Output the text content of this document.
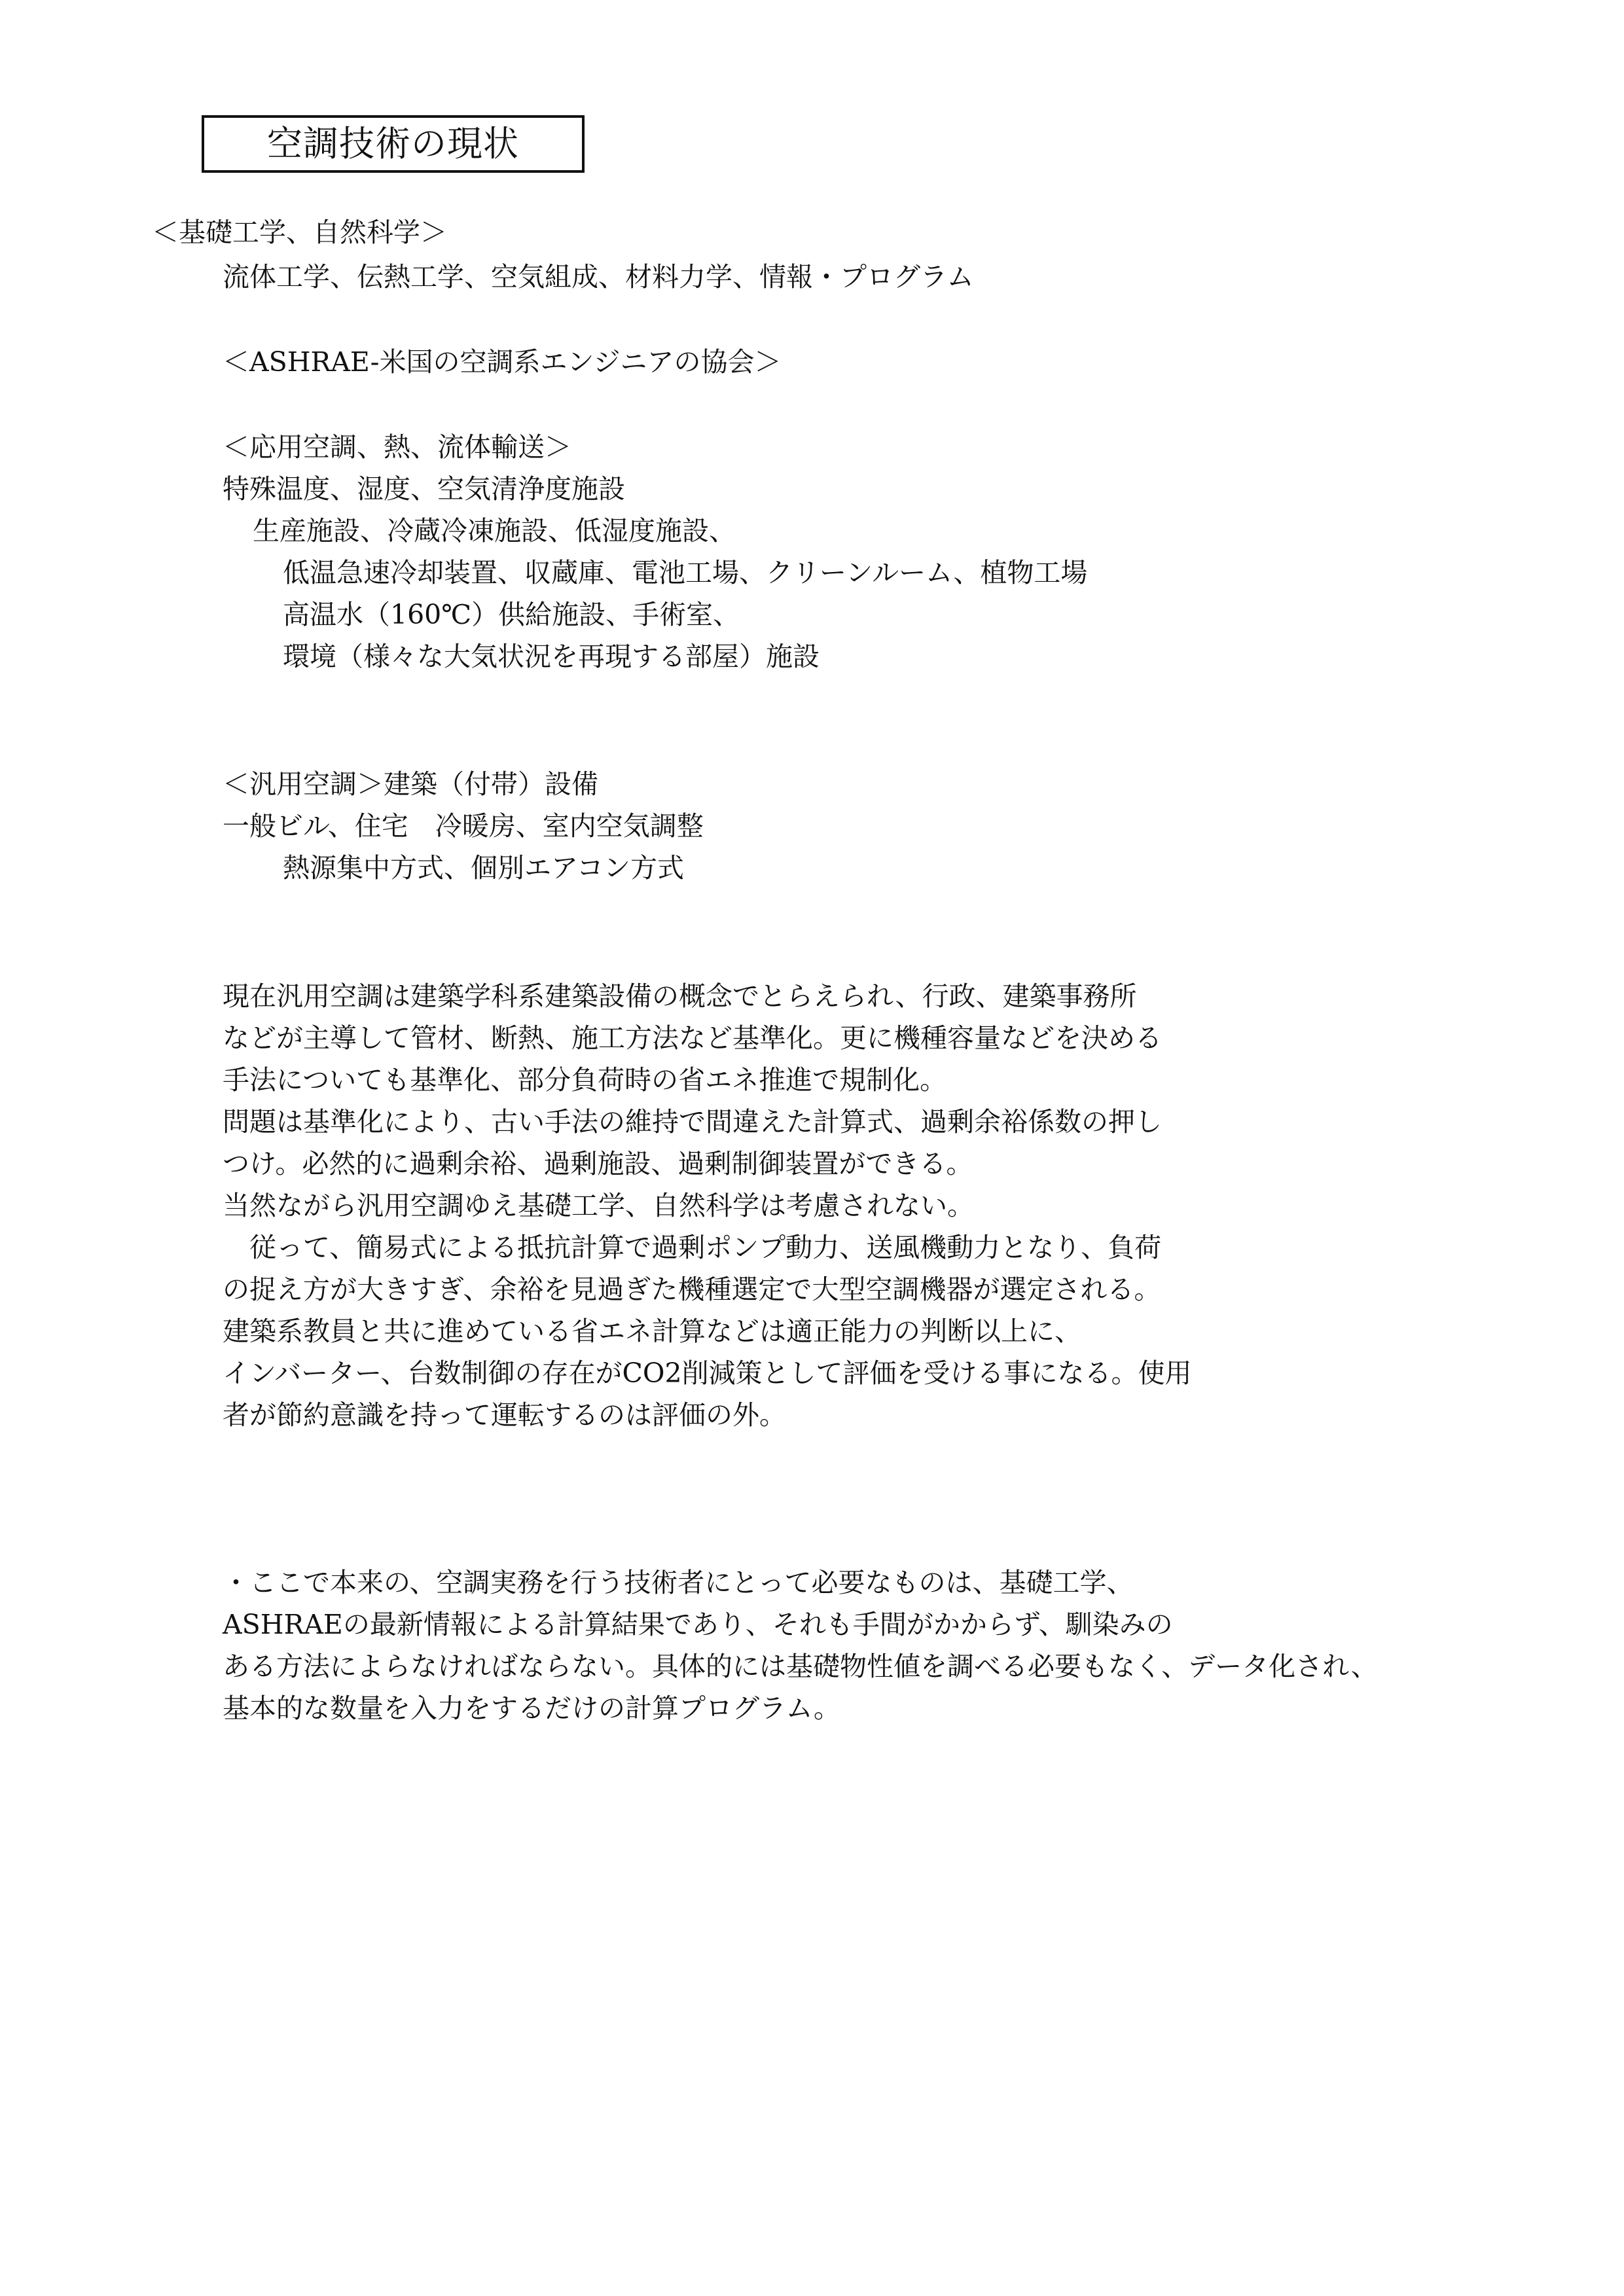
空調技術の現状
＜基礎工学、自然科学＞
流体工学、伝熱工学、空気組成、材料力学、情報・プログラム
＜ASHRAE-米国の空調系エンジニアの協会＞
＜応用空調、熱、流体輸送＞
特殊温度、湿度、空気清浄度施設
生産施設、冷蔵冷凍施設、低湿度施設、
低温急速冷却装置、収蔵庫、電池工場、クリーンルーム、植物工場
高温水（160℃）供給施設、手術室、
環境（様々な大気状況を再現する部屋）施設
＜汎用空調＞建築（付帯）設備
一般ビル、住宅　冷暖房、室内空気調整
熱源集中方式、個別エアコン方式
現在汎用空調は建築学科系建築設備の概念でとらえられ、行政、建築事務所
などが主導して管材、断熱、施工方法など基準化。更に機種容量などを決める
手法についても基準化、部分負荷時の省エネ推進で規制化。
問題は基準化により、古い手法の維持で間違えた計算式、過剰余裕係数の押し
つけ。必然的に過剰余裕、過剰施設、過剰制御装置ができる。
当然ながら汎用空調ゆえ基礎工学、自然科学は考慮されない。
　従って、簡易式による抵抗計算で過剰ポンプ動力、送風機動力となり、負荷
の捉え方が大きすぎ、余裕を見過ぎた機種選定で大型空調機器が選定される。
建築系教員と共に進めている省エネ計算などは適正能力の判断以上に、
インバーター、台数制御の存在がCO2削減策として評価を受ける事になる。使用
者が節約意識を持って運転するのは評価の外。
・ここで本来の、空調実務を行う技術者にとって必要なものは、基礎工学、
ASHRAEの最新情報による計算結果であり、それも手間がかからず、馴染みの
ある方法によらなければならない。具体的には基礎物性値を調べる必要もなく、データ化され、
基本的な数量を入力をするだけの計算プログラム。
